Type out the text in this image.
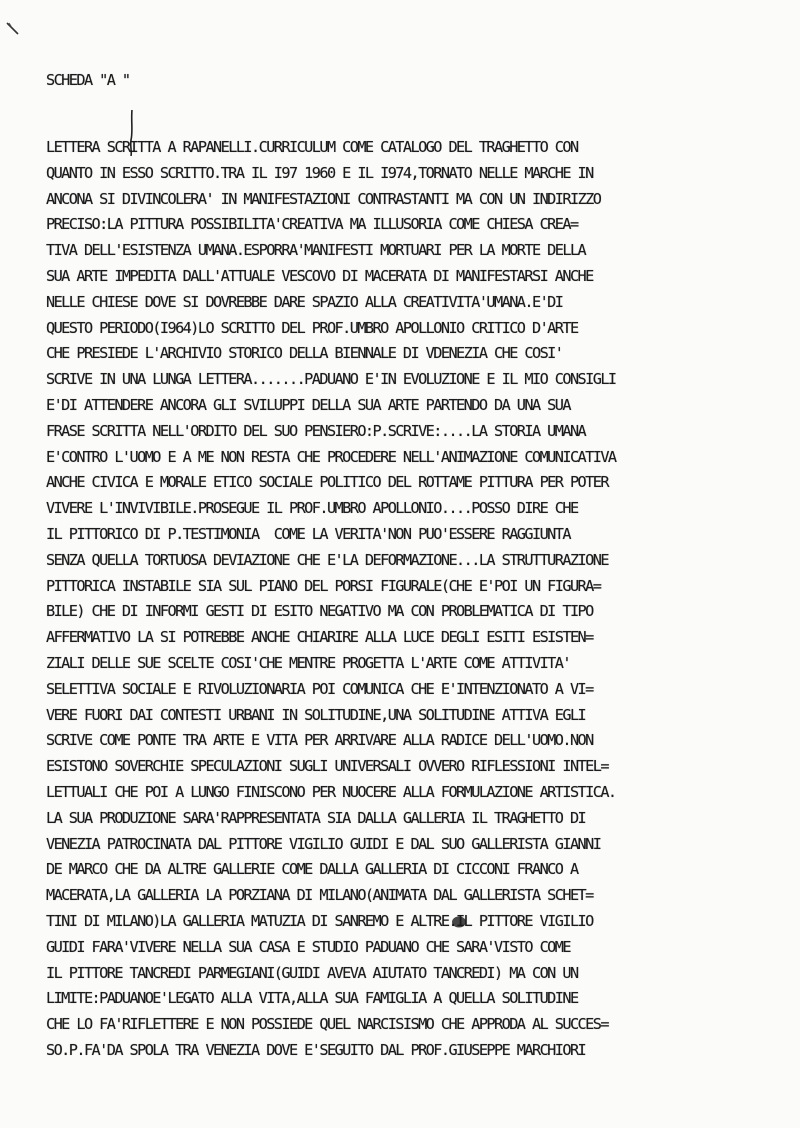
SCHEDA "A "

LETTERA SCRITTA A RAPANELLI.CURRICULUM COME CATALOGO DEL TRAGHETTO CON
QUANTO IN ESSO SCRITTO.TRA IL I97 1960 E IL I974,TORNATO NELLE MARCHE IN
ANCONA SI DIVINCOLERA' IN MANIFESTAZIONI CONTRASTANTI MA CON UN INDIRIZZO
PRECISO:LA PITTURA POSSIBILITA'CREATIVA MA ILLUSORIA COME CHIESA CREA=
TIVA DELL'ESISTENZA UMANA.ESPORRA'MANIFESTI MORTUARI PER LA MORTE DELLA
SUA ARTE IMPEDITA DALL'ATTUALE VESCOVO DI MACERATA DI MANIFESTARSI ANCHE
NELLE CHIESE DOVE SI DOVREBBE DARE SPAZIO ALLA CREATIVITA'UMANA.E'DI
QUESTO PERIODO(I964)LO SCRITTO DEL PROF.UMBRO APOLLONIO CRITICO D'ARTE
CHE PRESIEDE L'ARCHIVIO STORICO DELLA BIENNALE DI VDENEZIA CHE COSI'
SCRIVE IN UNA LUNGA LETTERA.......PADUANO E'IN EVOLUZIONE E IL MIO CONSIGLI
E'DI ATTENDERE ANCORA GLI SVILUPPI DELLA SUA ARTE PARTENDO DA UNA SUA
FRASE SCRITTA NELL'ORDITO DEL SUO PENSIERO:P.SCRIVE:....LA STORIA UMANA
E'CONTRO L'UOMO E A ME NON RESTA CHE PROCEDERE NELL'ANIMAZIONE COMUNICATIVA
ANCHE CIVICA E MORALE ETICO SOCIALE POLITICO DEL ROTTAME PITTURA PER POTER
VIVERE L'INVIVIBILE.PROSEGUE IL PROF.UMBRO APOLLONIO....POSSO DIRE CHE
IL PITTORICO DI P.TESTIMONIA  COME LA VERITA'NON PUO'ESSERE RAGGIUNTA
SENZA QUELLA TORTUOSA DEVIAZIONE CHE E'LA DEFORMAZIONE...LA STRUTTURAZIONE
PITTORICA INSTABILE SIA SUL PIANO DEL PORSI FIGURALE(CHE E'POI UN FIGURA=
BILE) CHE DI INFORMI GESTI DI ESITO NEGATIVO MA CON PROBLEMATICA DI TIPO
AFFERMATIVO LA SI POTREBBE ANCHE CHIARIRE ALLA LUCE DEGLI ESITI ESISTEN=
ZIALI DELLE SUE SCELTE COSI'CHE MENTRE PROGETTA L'ARTE COME ATTIVITA'
SELETTIVA SOCIALE E RIVOLUZIONARIA POI COMUNICA CHE E'INTENZIONATO A VI=
VERE FUORI DAI CONTESTI URBANI IN SOLITUDINE,UNA SOLITUDINE ATTIVA EGLI
SCRIVE COME PONTE TRA ARTE E VITA PER ARRIVARE ALLA RADICE DELL'UOMO.NON
ESISTONO SOVERCHIE SPECULAZIONI SUGLI UNIVERSALI OVVERO RIFLESSIONI INTEL=
LETTUALI CHE POI A LUNGO FINISCONO PER NUOCERE ALLA FORMULAZIONE ARTISTICA.
LA SUA PRODUZIONE SARA'RAPPRESENTATA SIA DALLA GALLERIA IL TRAGHETTO DI
VENEZIA PATROCINATA DAL PITTORE VIGILIO GUIDI E DAL SUO GALLERISTA GIANNI
DE MARCO CHE DA ALTRE GALLERIE COME DALLA GALLERIA DI CICCONI FRANCO A
MACERATA,LA GALLERIA LA PORZIANA DI MILANO(ANIMATA DAL GALLERISTA SCHET=
TINI DI MILANO)LA GALLERIA MATUZIA DI SANREMO E ALTRE.IL PITTORE VIGILIO
GUIDI FARA'VIVERE NELLA SUA CASA E STUDIO PADUANO CHE SARA'VISTO COME
IL PITTORE TANCREDI PARMEGIANI(GUIDI AVEVA AIUTATO TANCREDI) MA CON UN
LIMITE:PADUANOE'LEGATO ALLA VITA,ALLA SUA FAMIGLIA A QUELLA SOLITUDINE
CHE LO FA'RIFLETTERE E NON POSSIEDE QUEL NARCISISMO CHE APPRODA AL SUCCES=
SO.P.FA'DA SPOLA TRA VENEZIA DOVE E'SEGUITO DAL PROF.GIUSEPPE MARCHIORI
